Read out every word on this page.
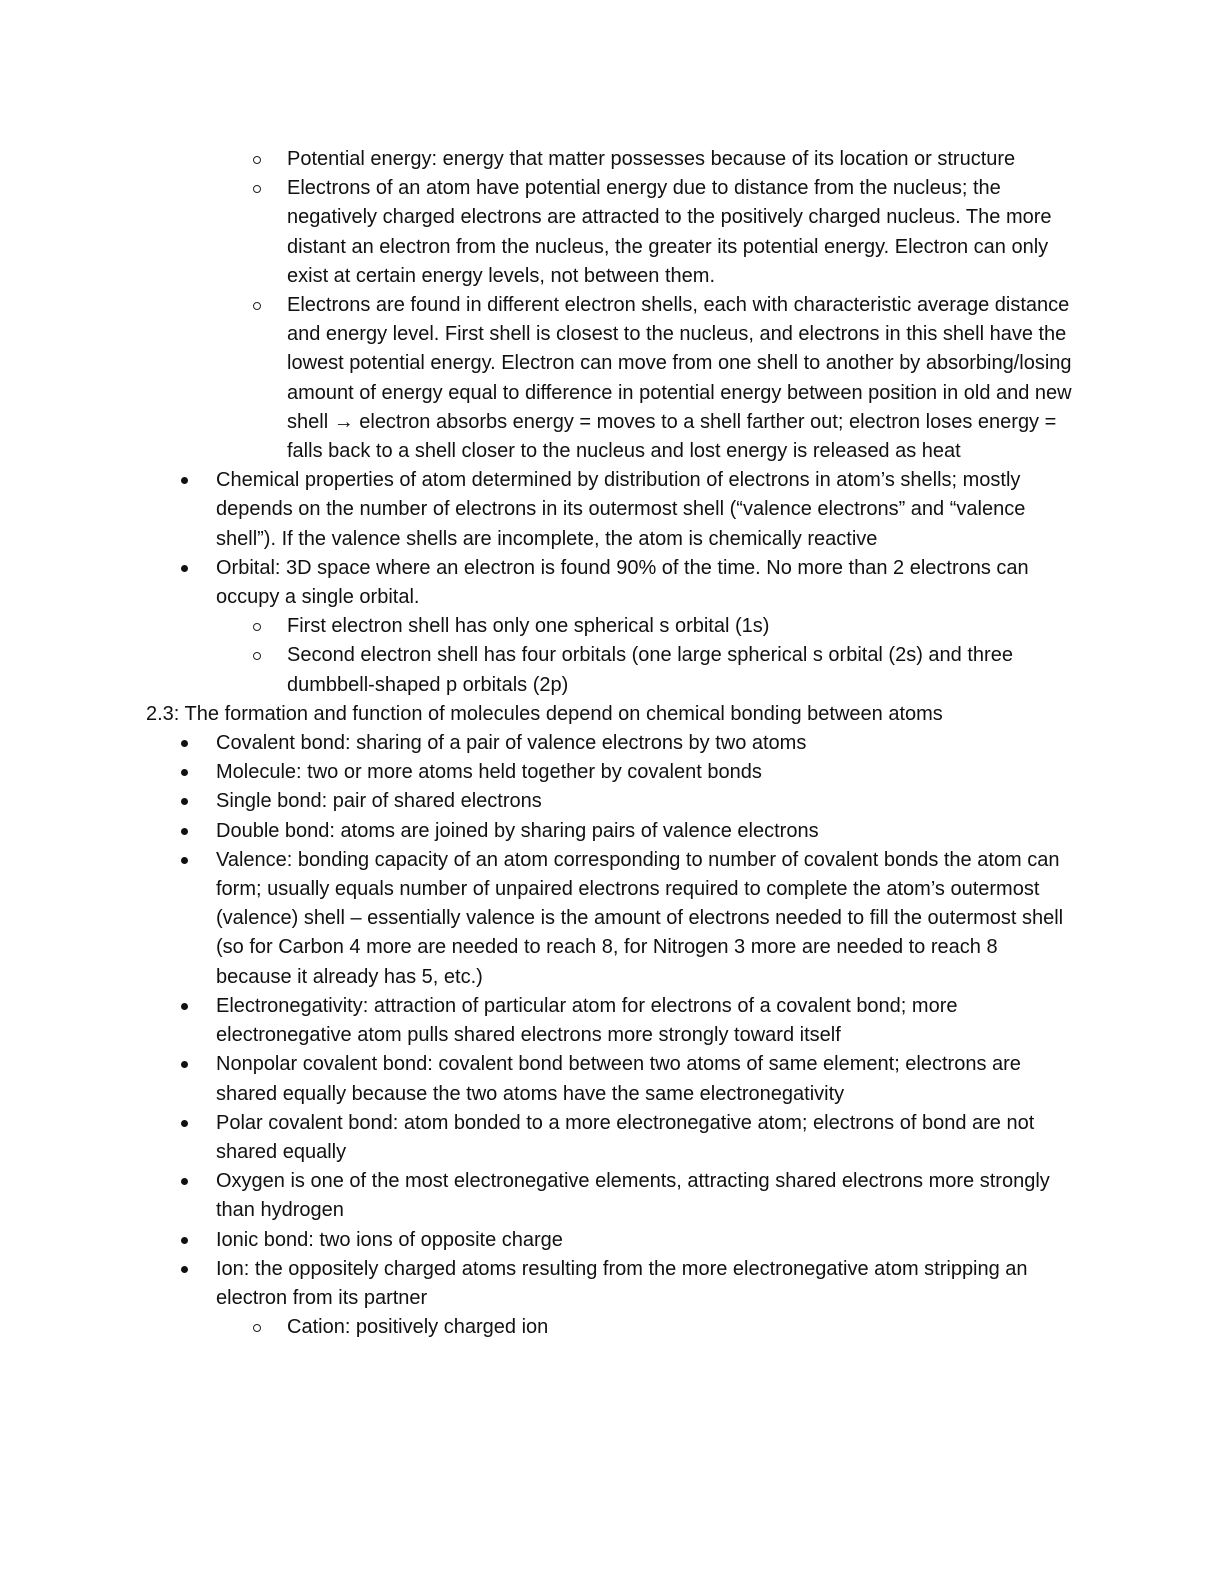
Potential energy: energy that matter possesses because of its location or structure
Electrons of an atom have potential energy due to distance from the nucleus; the negatively charged electrons are attracted to the positively charged nucleus. The more distant an electron from the nucleus, the greater its potential energy. Electron can only exist at certain energy levels, not between them.
Electrons are found in different electron shells, each with characteristic average distance and energy level. First shell is closest to the nucleus, and electrons in this shell have the lowest potential energy. Electron can move from one shell to another by absorbing/losing amount of energy equal to difference in potential energy between position in old and new shell → electron absorbs energy = moves to a shell farther out; electron loses energy = falls back to a shell closer to the nucleus and lost energy is released as heat
Chemical properties of atom determined by distribution of electrons in atom’s shells; mostly depends on the number of electrons in its outermost shell (“valence electrons” and “valence shell”). If the valence shells are incomplete, the atom is chemically reactive
Orbital: 3D space where an electron is found 90% of the time. No more than 2 electrons can occupy a single orbital.
First electron shell has only one spherical s orbital (1s)
Second electron shell has four orbitals (one large spherical s orbital (2s) and three dumbbell-shaped p orbitals (2p)
2.3: The formation and function of molecules depend on chemical bonding between atoms
Covalent bond: sharing of a pair of valence electrons by two atoms
Molecule: two or more atoms held together by covalent bonds
Single bond: pair of shared electrons
Double bond: atoms are joined by sharing pairs of valence electrons
Valence: bonding capacity of an atom corresponding to number of covalent bonds the atom can form; usually equals number of unpaired electrons required to complete the atom’s outermost (valence) shell – essentially valence is the amount of electrons needed to fill the outermost shell (so for Carbon 4 more are needed to reach 8, for Nitrogen 3 more are needed to reach 8 because it already has 5, etc.)
Electronegativity: attraction of particular atom for electrons of a covalent bond; more electronegative atom pulls shared electrons more strongly toward itself
Nonpolar covalent bond: covalent bond between two atoms of same element; electrons are shared equally because the two atoms have the same electronegativity
Polar covalent bond: atom bonded to a more electronegative atom; electrons of bond are not shared equally
Oxygen is one of the most electronegative elements, attracting shared electrons more strongly than hydrogen
Ionic bond: two ions of opposite charge
Ion: the oppositely charged atoms resulting from the more electronegative atom stripping an electron from its partner
Cation: positively charged ion
